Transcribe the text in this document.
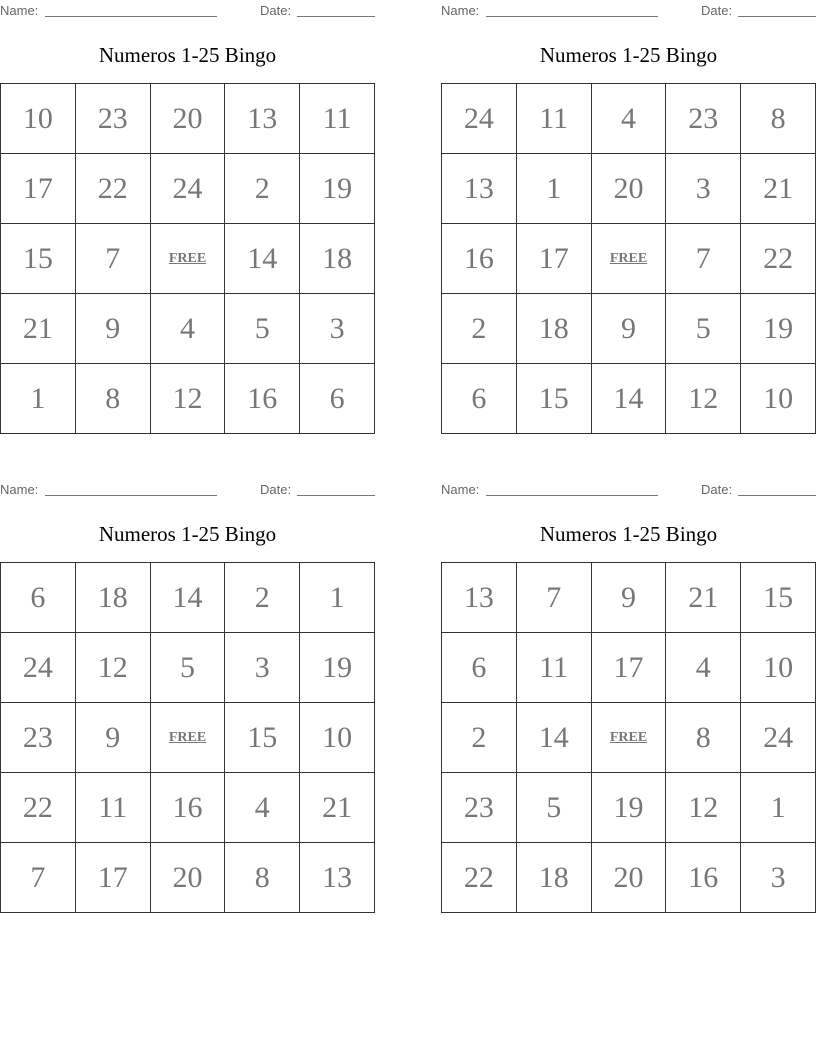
Name:	Date:
Numeros 1-25 Bingo
10	23	20	13	11
17	22	24	2	19
15	7	FREE	14	18
21	9	4	5	3
1	8	12	16	6
Name:	Date:
Numeros 1-25 Bingo
24	11	4	23	8
13	1	20	3	21
16	17	FREE	7	22
2	18	9	5	19
6	15	14	12	10
Name:	Date:
Numeros 1-25 Bingo
6	18	14	2	1
24	12	5	3	19
23	9	FREE	15	10
22	11	16	4	21
7	17	20	8	13
Name:	Date:
Numeros 1-25 Bingo
13	7	9	21	15
6	11	17	4	10
2	14	FREE	8	24
23	5	19	12	1
22	18	20	16	3
